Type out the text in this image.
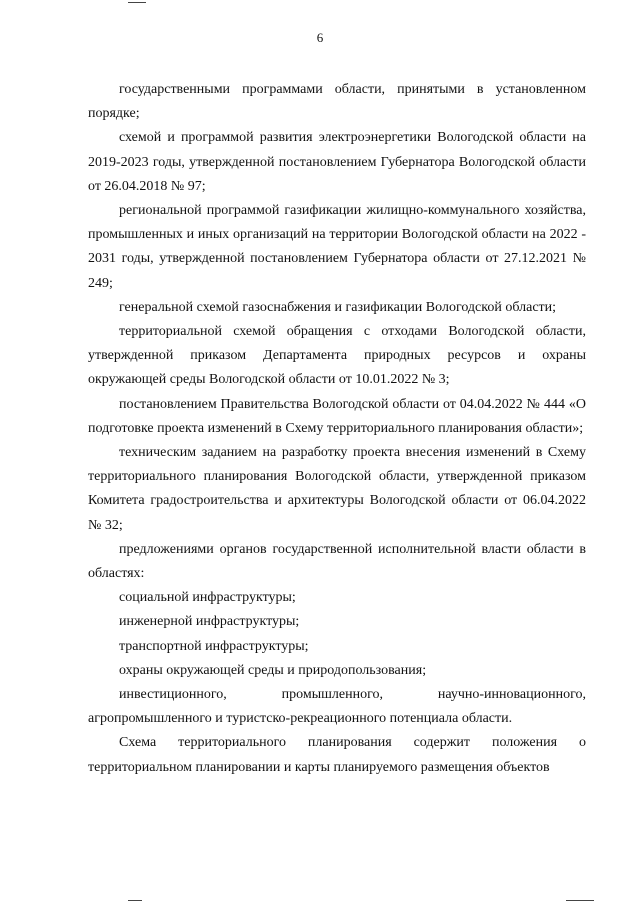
6

государственными программами области, принятыми в установленном порядке;

схемой и программой развития электроэнергетики Вологодской области на 2019-2023 годы, утвержденной постановлением Губернатора Вологодской области от 26.04.2018 № 97;

региональной программой газификации жилищно-коммунального хозяйства, промышленных и иных организаций на территории Вологодской области на 2022 - 2031 годы, утвержденной постановлением Губернатора области от 27.12.2021 № 249;

генеральной схемой газоснабжения и газификации Вологодской области;

территориальной схемой обращения с отходами Вологодской области, утвержденной приказом Департамента природных ресурсов и охраны окружающей среды Вологодской области от 10.01.2022 № 3;

постановлением Правительства Вологодской области от 04.04.2022 № 444 «О подготовке проекта изменений в Схему территориального планирования области»;

техническим заданием на разработку проекта внесения изменений в Схему территориального планирования Вологодской области, утвержденной приказом Комитета градостроительства и архитектуры Вологодской области от 06.04.2022 № 32;

предложениями органов государственной исполнительной власти области в областях:

социальной инфраструктуры;

инженерной инфраструктуры;

транспортной инфраструктуры;

охраны окружающей среды и природопользования;

инвестиционного, промышленного, научно-инновационного, агропромышленного и туристско-рекреационного потенциала области.

Схема территориального планирования содержит положения о территориальном планировании и карты планируемого размещения объектов
